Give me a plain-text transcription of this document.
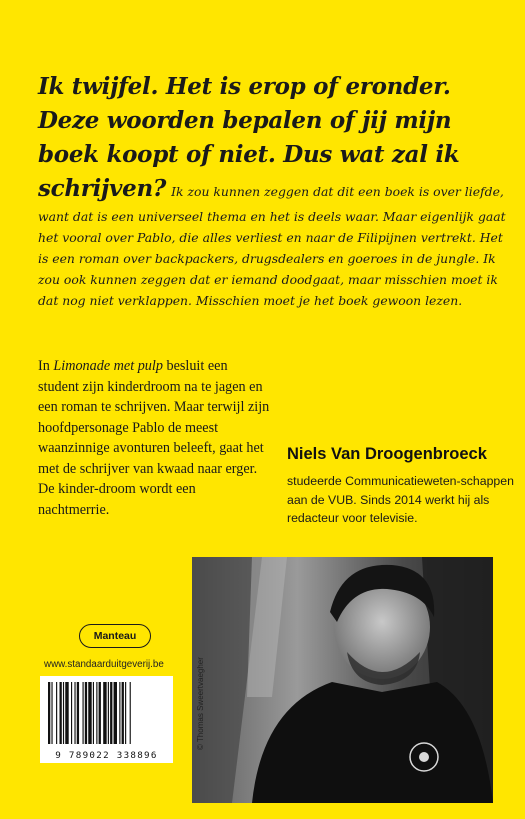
Ik twijfel. Het is erop of eronder. Deze woorden bepalen of jij mijn boek koopt of niet. Dus wat zal ik schrijven? Ik zou kunnen zeggen dat dit een boek is over liefde, want dat is een universeel thema en het is deels waar. Maar eigenlijk gaat het vooral over Pablo, die alles verliest en naar de Filipijnen vertrekt. Het is een roman over backpackers, drugsdealers en goeroes in de jungle. Ik zou ook kunnen zeggen dat er iemand doodgaat, maar misschien moet ik dat nog niet verklappen. Misschien moet je het boek gewoon lezen.
In Limonade met pulp besluit een student zijn kinderdroom na te jagen en een roman te schrijven. Maar terwijl zijn hoofdpersonage Pablo de meest waanzinnige avonturen beleeft, gaat het met de schrijver van kwaad naar erger. De kinder-droom wordt een nachtmerrie.
Niels Van Droogenbroeck
studeerde Communicatieweten-schappen aan de VUB. Sinds 2014 werkt hij als redacteur voor televisie.
© Thomas Sweertvaegher
Manteau
www.standaarduitgeverij.be
9 789022 338896
